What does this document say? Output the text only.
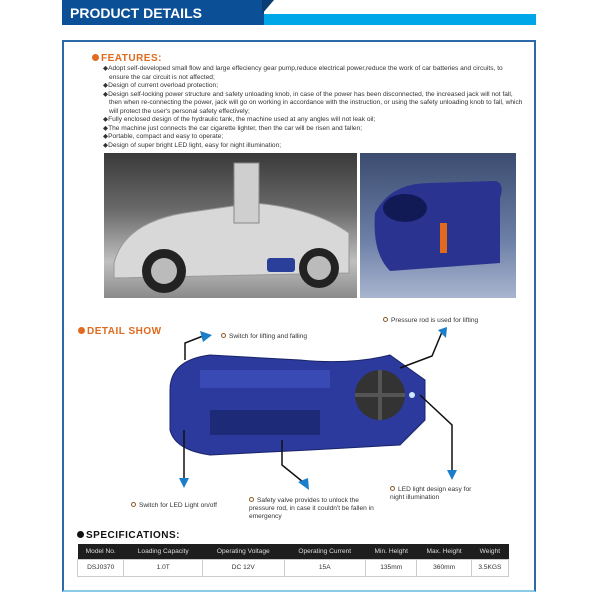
PRODUCT DETAILS
FEATURES:
◆Adopt self-developed small flow and large effeciency gear pump,reduce electrical power,reduce the work of car batteries and circuits, to ensure the car circuit is not affected;
◆Design of current overload protection;
◆Design self-locking power structure and safety unloading knob, in case of the power has been disconnected, the increased jack will not fall, then when re-connecting the power, jack will go on working in accordance with the instruction, or using the safety unloading knob to fall, which will protect the user's personal safety effectively;
◆Fully enclosed design of the hydraulic tank, the machine used at any angles will not leak oil;
◆The machine just connects the car cigarette lighter, then the car will be risen and fallen;
◆Portable, compact and easy to operate;
◆Design of super bright LED light, easy for night illumination;
DETAIL SHOW	Switch for lifting and falling
Pressure rod is used for lifting
Switch for LED Light on/off
Safety valve provides to unlock the pressure rod, in case it couldn't be fallen in emergency
LED light design easy for night illumination
SPECIFICATIONS:
Model No.	Loading Capacity	Operating Voltage	Operating Current	Min. Height	Max. Height	Weight
DSJ0370	1.0T	DC 12V	15A	135mm	360mm	3.5KGS
